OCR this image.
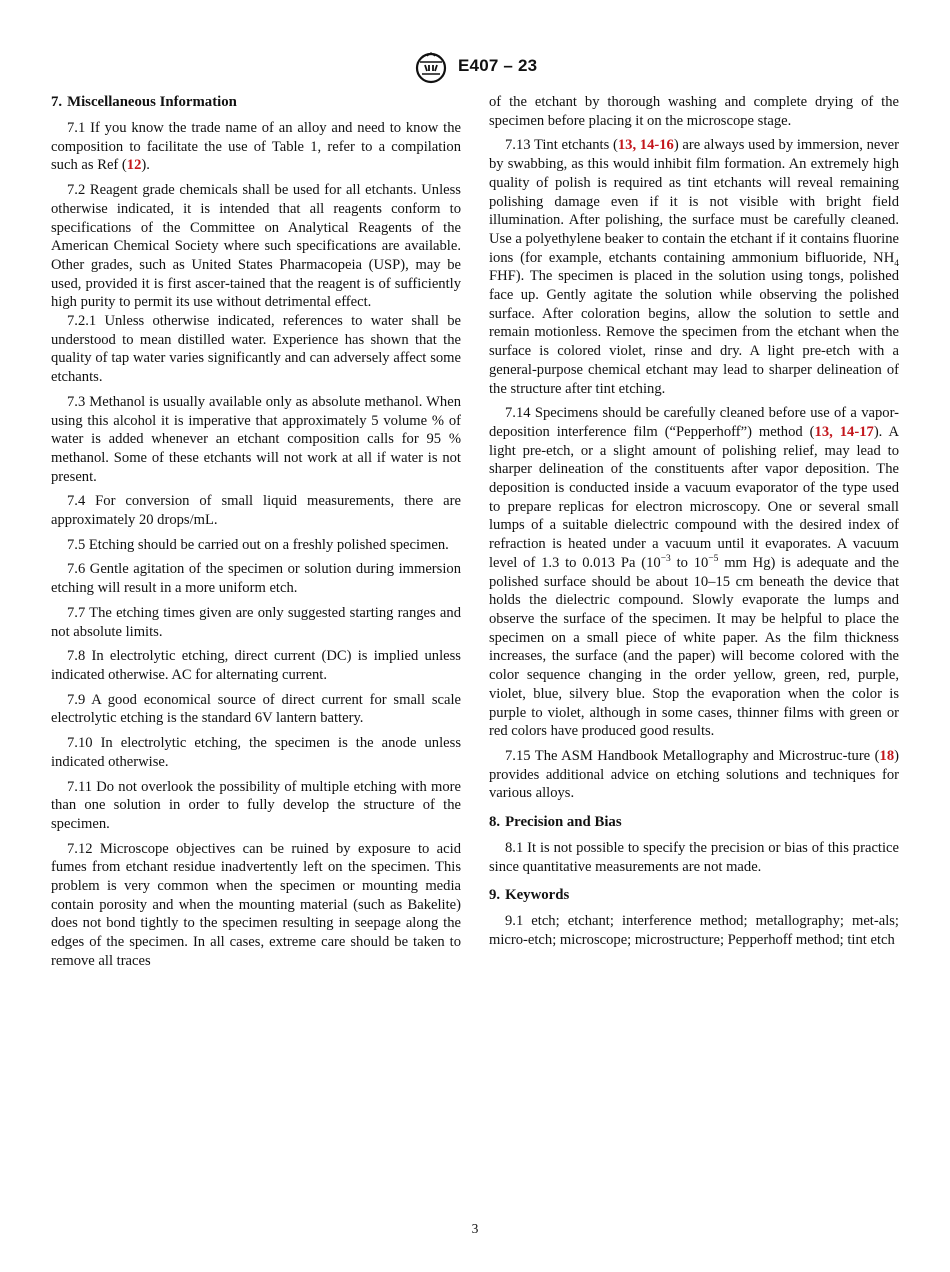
E407 – 23
7. Miscellaneous Information

7.1 If you know the trade name of an alloy and need to know the composition to facilitate the use of Table 1, refer to a compilation such as Ref (12).

7.2 Reagent grade chemicals shall be used for all etchants. Unless otherwise indicated, it is intended that all reagents conform to specifications of the Committee on Analytical Reagents of the American Chemical Society where such specifications are available. Other grades, such as United States Pharmacopeia (USP), may be used, provided it is first ascer-tained that the reagent is of sufficiently high purity to permit its use without detrimental effect.

7.2.1 Unless otherwise indicated, references to water shall be understood to mean distilled water. Experience has shown that the quality of tap water varies significantly and can adversely affect some etchants.

7.3 Methanol is usually available only as absolute methanol. When using this alcohol it is imperative that approximately 5 volume % of water is added whenever an etchant composition calls for 95 % methanol. Some of these etchants will not work at all if water is not present.

7.4 For conversion of small liquid measurements, there are approximately 20 drops/mL.

7.5 Etching should be carried out on a freshly polished specimen.

7.6 Gentle agitation of the specimen or solution during immersion etching will result in a more uniform etch.

7.7 The etching times given are only suggested starting ranges and not absolute limits.

7.8 In electrolytic etching, direct current (DC) is implied unless indicated otherwise. AC for alternating current.

7.9 A good economical source of direct current for small scale electrolytic etching is the standard 6V lantern battery.

7.10 In electrolytic etching, the specimen is the anode unless indicated otherwise.

7.11 Do not overlook the possibility of multiple etching with more than one solution in order to fully develop the structure of the specimen.

7.12 Microscope objectives can be ruined by exposure to acid fumes from etchant residue inadvertently left on the specimen. This problem is very common when the specimen or mounting media contain porosity and when the mounting material (such as Bakelite) does not bond tightly to the specimen resulting in seepage along the edges of the specimen. In all cases, extreme care should be taken to remove all traces

of the etchant by thorough washing and complete drying of the specimen before placing it on the microscope stage.

7.13 Tint etchants (13, 14-16) are always used by immersion, never by swabbing, as this would inhibit film formation. An extremely high quality of polish is required as tint etchants will reveal remaining polishing damage even if it is not visible with bright field illumination. After polishing, the surface must be carefully cleaned. Use a polyethylene beaker to contain the etchant if it contains fluorine ions (for example, etchants containing ammonium bifluoride, $NH_4$ FHF). The specimen is placed in the solution using tongs, polished face up. Gently agitate the solution while observing the polished surface. After coloration begins, allow the solution to settle and remain motionless. Remove the specimen from the etchant when the surface is colored violet, rinse and dry. A light pre-etch with a general-purpose chemical etchant may lead to sharper delineation of the structure after tint etching.

7.14 Specimens should be carefully cleaned before use of a vapor-deposition interference film (“Pepperhoff”) method (13, 14-17). A light pre-etch, or a slight amount of polishing relief, may lead to sharper delineation of the constituents after vapor deposition. The deposition is conducted inside a vacuum evaporator of the type used to prepare replicas for electron microscopy. One or several small lumps of a suitable dielectric compound with the desired index of refraction is heated under a vacuum until it evaporates. A vacuum level of 1.3 to 0.013 Pa ($10^{-3}$ to $10^{-5}$ mm Hg) is adequate and the polished surface should be about 10–15 cm beneath the device that holds the dielectric compound. Slowly evaporate the lumps and observe the surface of the specimen. It may be helpful to place the specimen on a small piece of white paper. As the film thickness increases, the surface (and the paper) will become colored with the color sequence changing in the order yellow, green, red, purple, violet, blue, silvery blue. Stop the evaporation when the color is purple to violet, although in some cases, thinner films with green or red colors have produced good results.

7.15 The ASM Handbook Metallography and Microstruc-ture (18) provides additional advice on etching solutions and techniques for various alloys.

8. Precision and Bias

8.1 It is not possible to specify the precision or bias of this practice since quantitative measurements are not made.

9. Keywords

9.1 etch; etchant; interference method; metallography; met-als; micro-etch; microscope; microstructure; Pepperhoff method; tint etch

3
